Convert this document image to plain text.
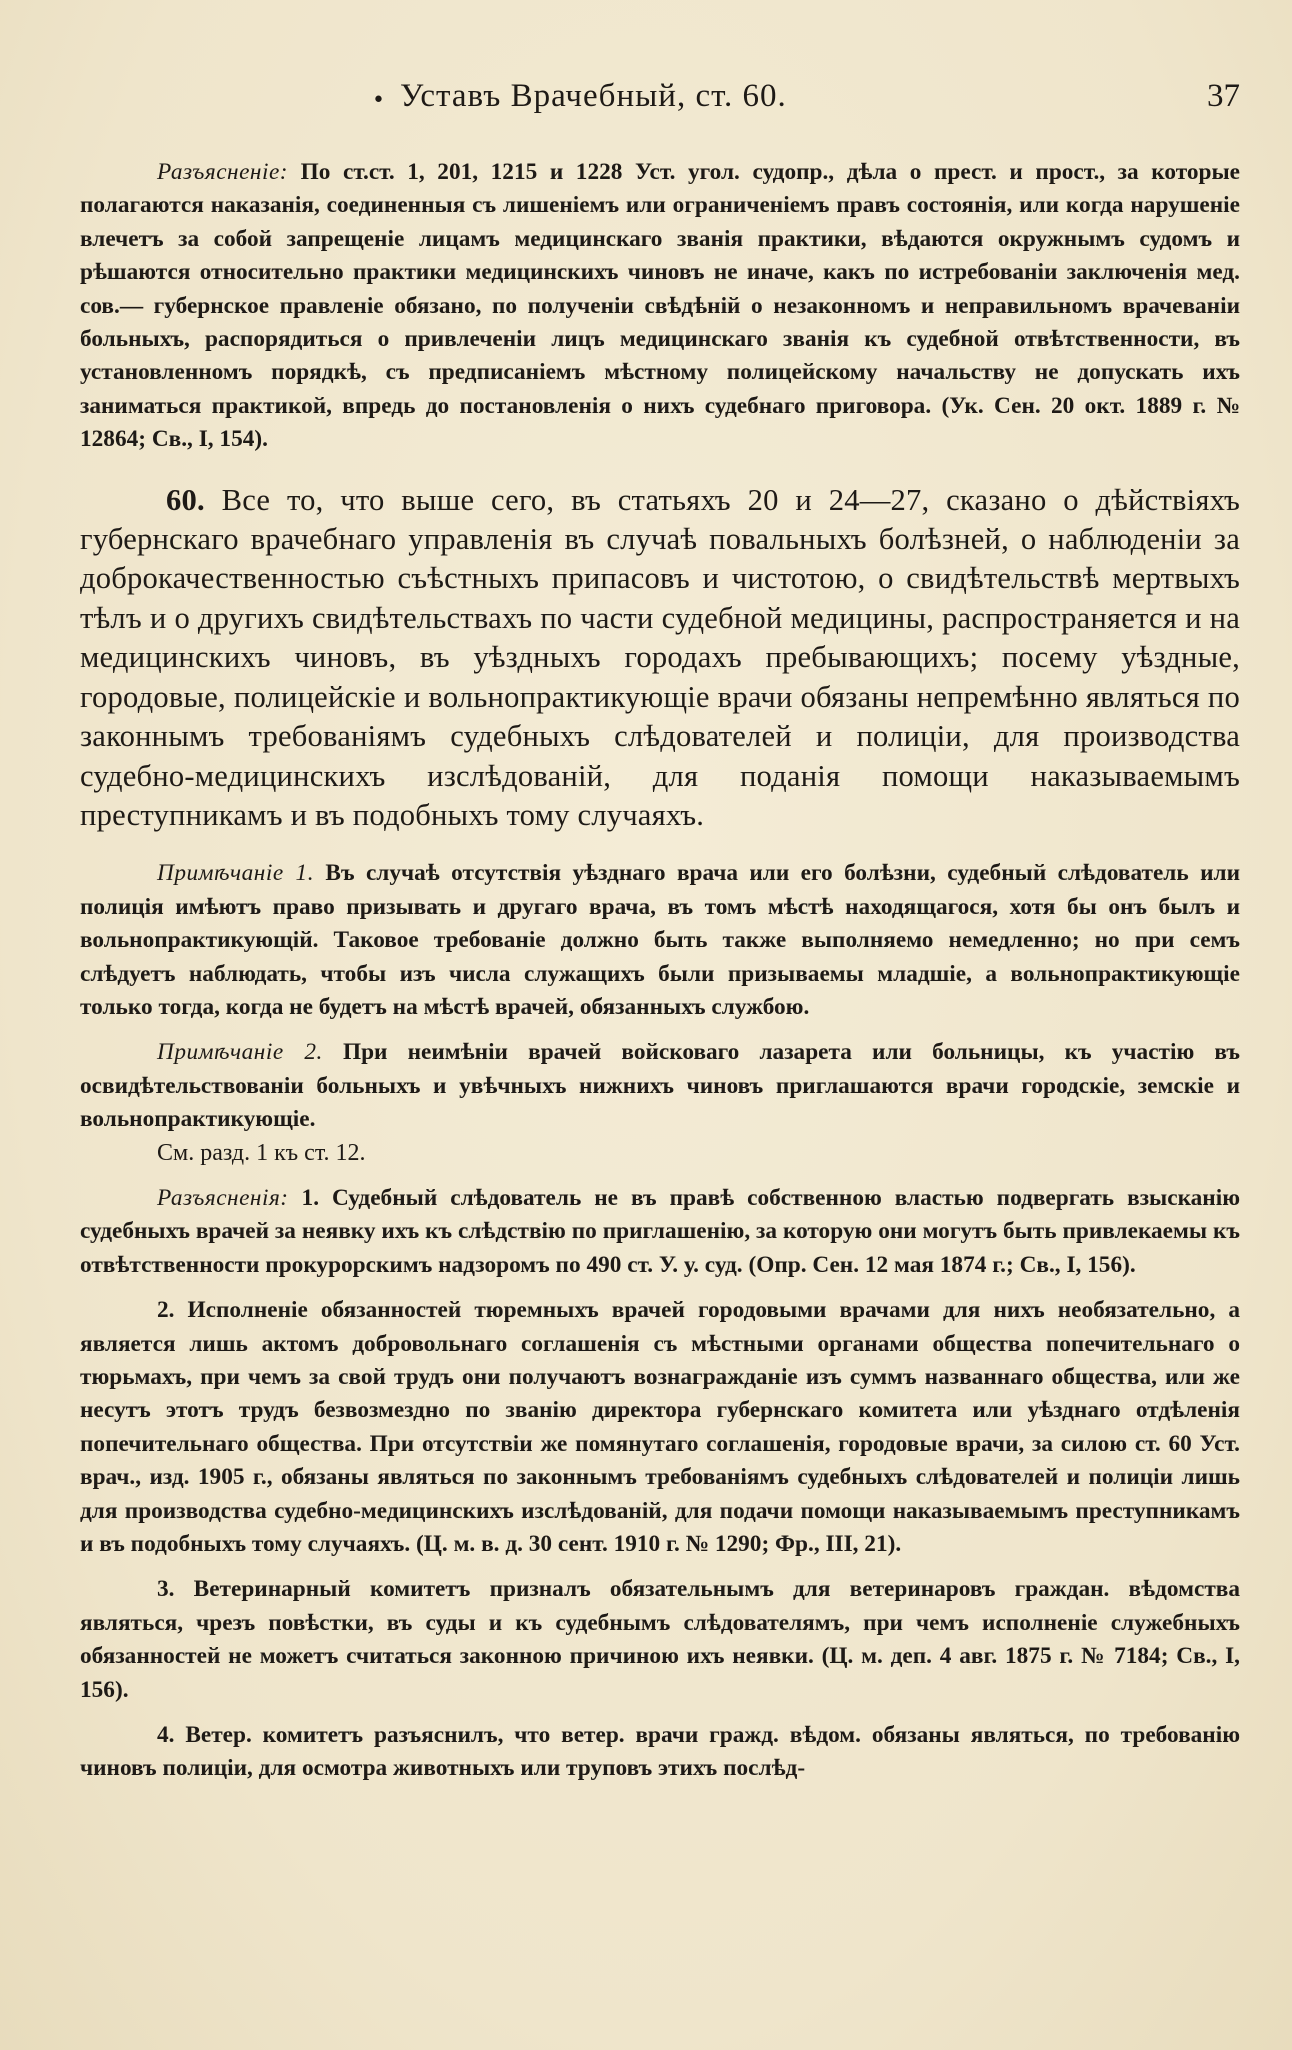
• Уставъ Врачебный, ст. 60.	37

Разъясненіе: По ст.ст. 1, 201, 1215 и 1228 Уст. угол. судопр., дѣла о прест. и прост., за которые полагаются наказанія, соединенныя съ лишеніемъ или ограниченіемъ правъ состоянія, или когда нарушеніе влечетъ за собой запрещеніе лицамъ медицинскаго званія практики, вѣдаются окружнымъ судомъ и рѣшаются относительно практики медицинскихъ чиновъ не иначе, какъ по истребованіи заключенія мед. сов.— губернское правленіе обязано, по полученіи свѣдѣній о незаконномъ и неправильномъ врачеваніи больныхъ, распорядиться о привлеченіи лицъ медицинскаго званія къ судебной отвѣтственности, въ установленномъ порядкѣ, съ предписаніемъ мѣстному полицейскому начальству не допускать ихъ заниматься практикой, впредь до постановленія о нихъ судебнаго приговора. (Ук. Сен. 20 окт. 1889 г. № 12864; Св., I, 154).

60. Все то, что выше сего, въ статьяхъ 20 и 24—27, сказано о дѣйствіяхъ губернскаго врачебнаго управленія въ случаѣ повальныхъ болѣзней, о наблюденіи за доброкачественностью съѣстныхъ припасовъ и чистотою, о свидѣтельствѣ мертвыхъ тѣлъ и о другихъ свидѣтельствахъ по части судебной медицины, распространяется и на медицинскихъ чиновъ, въ уѣздныхъ городахъ пребывающихъ; посему уѣздные, городовые, полицейскіе и вольнопрактикующіе врачи обязаны непремѣнно являться по законнымъ требованіямъ судебныхъ слѣдователей и полиціи, для производства судебно-медицинскихъ изслѣдованій, для поданія помощи наказываемымъ преступникамъ и въ подобныхъ тому случаяхъ.

Примѣчаніе 1. Въ случаѣ отсутствія уѣзднаго врача или его болѣзни, судебный слѣдователь или полиція имѣютъ право призывать и другаго врача, въ томъ мѣстѣ находящагося, хотя бы онъ былъ и вольнопрактикующій. Таковое требованіе должно быть также выполняемо немедленно; но при семъ слѣдуетъ наблюдать, чтобы изъ числа служащихъ были призываемы младшіе, а вольнопрактикующіе только тогда, когда не будетъ на мѣстѣ врачей, обязанныхъ службою.

Примѣчаніе 2. При неимѣніи врачей войсковаго лазарета или больницы, къ участію въ освидѣтельствованіи больныхъ и увѣчныхъ нижнихъ чиновъ приглашаются врачи городскіе, земскіе и вольнопрактикующіе.

См. разд. 1 къ ст. 12.

Разъясненія: 1. Судебный слѣдователь не въ правѣ собственною властью подвергать взысканію судебныхъ врачей за неявку ихъ къ слѣдствію по приглашенію, за которую они могутъ быть привлекаемы къ отвѣтственности прокурорскимъ надзоромъ по 490 ст. У. у. суд. (Опр. Сен. 12 мая 1874 г.; Св., I, 156).

2. Исполненіе обязанностей тюремныхъ врачей городовыми врачами для нихъ необязательно, а является лишь актомъ добровольнаго соглашенія съ мѣстными органами общества попечительнаго о тюрьмахъ, при чемъ за свой трудъ они получаютъ вознагражданіе изъ суммъ названнаго общества, или же несутъ этотъ трудъ безвозмездно по званію директора губернскаго комитета или уѣзднаго отдѣленія попечительнаго общества. При отсутствіи же помянутаго соглашенія, городовые врачи, за силою ст. 60 Уст. врач., изд. 1905 г., обязаны являться по законнымъ требованіямъ судебныхъ слѣдователей и полиціи лишь для производства судебно-медицинскихъ изслѣдованій, для подачи помощи наказываемымъ преступникамъ и въ подобныхъ тому случаяхъ. (Ц. м. в. д. 30 сент. 1910 г. № 1290; Фр., III, 21).

3. Ветеринарный комитетъ призналъ обязательнымъ для ветеринаровъ граждан. вѣдомства являться, чрезъ повѣстки, въ суды и къ судебнымъ слѣдователямъ, при чемъ исполненіе служебныхъ обязанностей не можетъ считаться законною причиною ихъ неявки. (Ц. м. деп. 4 авг. 1875 г. № 7184; Св., I, 156).

4. Ветер. комитетъ разъяснилъ, что ветер. врачи гражд. вѣдом. обязаны являться, по требованію чиновъ полиціи, для осмотра животныхъ или труповъ этихъ послѣд-
